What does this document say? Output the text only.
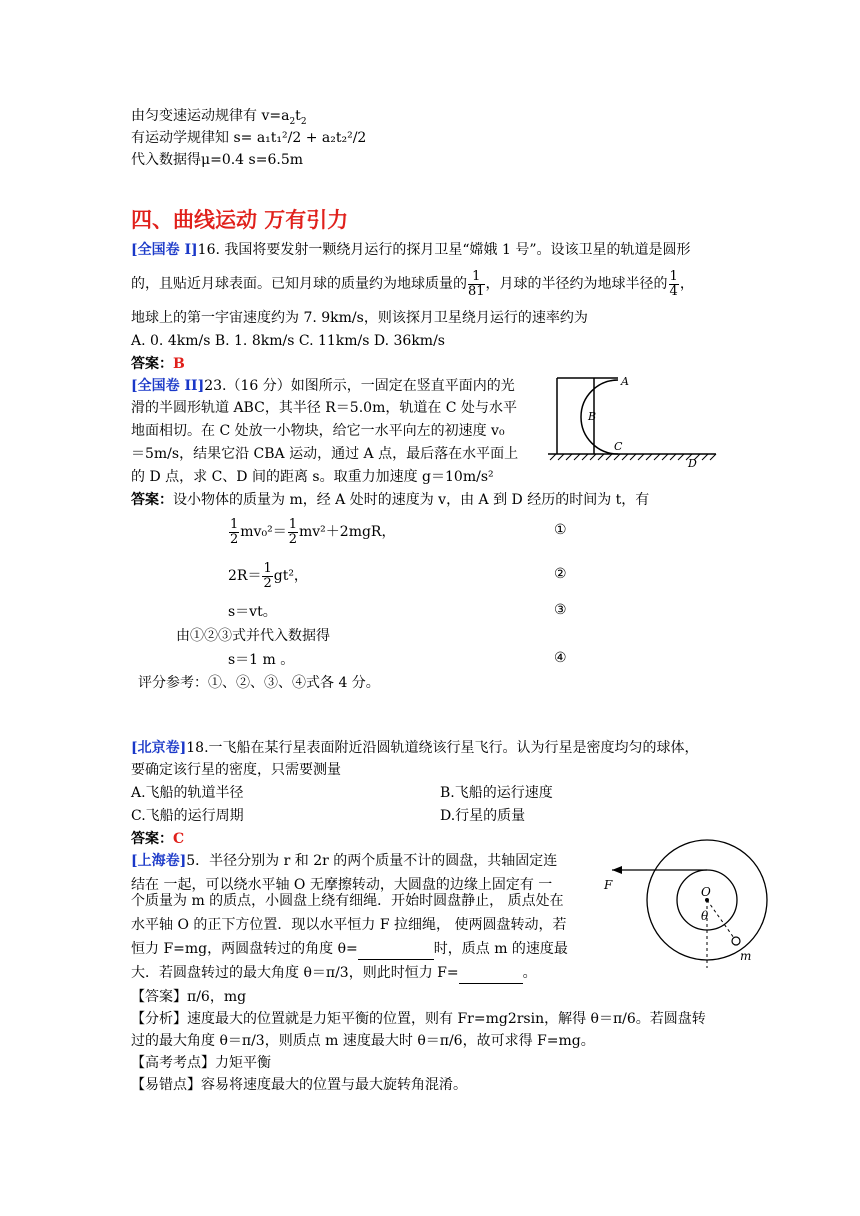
由匀变速运动规律有 $v=a_2t_2$
有运动学规律知 s= a₁t₁²/2 + a₂t₂²/2
代入数据得μ=0.4 s=6.5m
四、曲线运动 万有引力
[全国卷 I]16. 我国将要发射一颗绕月运行的探月卫星“嫦娥 1 号”。设该卫星的轨道是圆形
的，且贴近月球表面。已知月球的质量约为地球质量的 $\frac{1}{81}$ ，月球的半径约为地球半径的 $\frac{1}{4}$ ，
地球上的第一宇宙速度约为 7. 9km/s，则该探月卫星绕月运行的速率约为
A. 0. 4km/s B. 1. 8km/s C. 11km/s D. 36km/s
答案：B
[全国卷 II]23.（16 分）如图所示，一固定在竖直平面内的光
滑的半圆形轨道 ABC，其半径 R＝5.0m，轨道在 C 处与水平
地面相切。在 C 处放一小物块，给它一水平向左的初速度 v₀
＝5m/s，结果它沿 CBA 运动，通过 A 点，最后落在水平面上
的 D 点，求 C、D 间的距离 s。取重力加速度 g＝10m/s²
A
B
C
D
答案：设小物体的质量为 m，经 A 处时的速度为 v，由 A 到 D 经历的时间为 t，有
$\frac{1}{2} mv_0^2= \frac{1}{2} mv^2+2mgR$，	①
$2R= \frac{1}{2} gt^2$，	②
s＝vt。	③
由①②③式并代入数据得
s＝1 m 。	④
评分参考：①、②、③、④式各 4 分。
[北京卷]18.一飞船在某行星表面附近沿圆轨道绕该行星飞行。认为行星是密度均匀的球体，
要确定该行星的密度，只需要测量
A.飞船的轨道半径	B.飞船的运行速度
C.飞船的运行周期	D.行星的质量
答案：C
[上海卷]5．半径分别为 r 和 2r 的两个质量不计的圆盘，共轴固定连
结在 一起，可以绕水平轴 O 无摩擦转动，大圆盘的边缘上固定有 一
个质量为 m 的质点，小圆盘上绕有细绳．开始时圆盘静止， 质点处在
水平轴 O 的正下方位置．现以水平恒力 F 拉细绳， 使两圆盘转动，若
恒力 F=mg，两圆盘转过的角度 θ=	时，质点 m 的速度最
大．若圆盘转过的最大角度 θ＝π/3，则此时恒力 F=	。
F	O
θ
m
【答案】π/6，mg
【分析】速度最大的位置就是力矩平衡的位置，则有 Fr=mg2rsin，解得 θ＝π/6。若圆盘转
过的最大角度 θ＝π/3，则质点 m 速度最大时 θ＝π/6，故可求得 F=mg。
【高考考点】力矩平衡
【易错点】容易将速度最大的位置与最大旋转角混淆。
